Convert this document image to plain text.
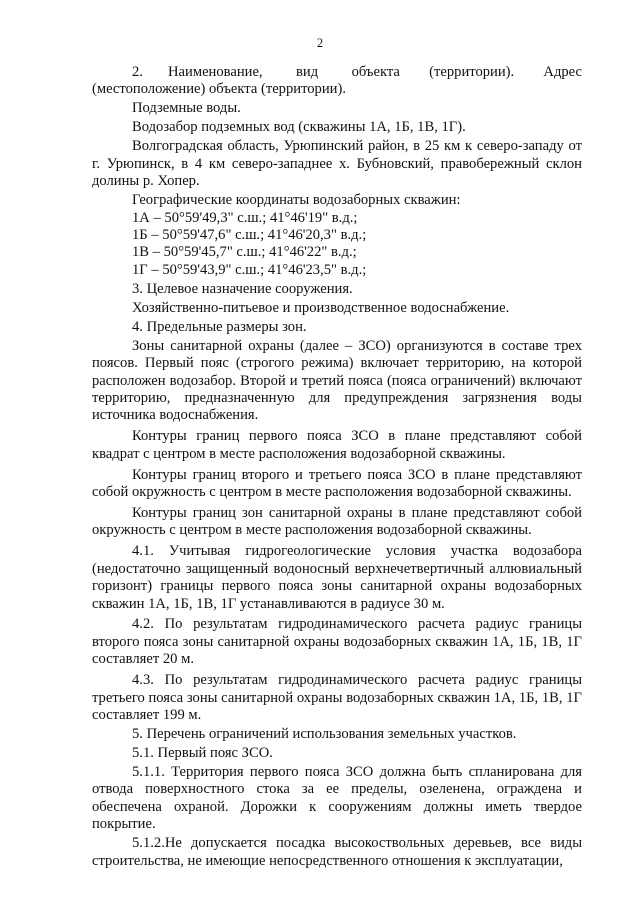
2

2.      Наименование,        вид        объекта       (территории).       Адрес (местоположение) объекта (территории).

Подземные воды.

Водозабор подземных вод (скважины 1А, 1Б, 1В, 1Г).

Волгоградская область, Урюпинский район, в 25 км к северо-западу от г. Урюпинск, в 4 км северо-западнее х. Бубновский, правобережный склон долины р. Хопер.

Географические координаты водозаборных скважин:

1А – 50°59'49,3" с.ш.; 41°46'19" в.д.;

1Б – 50°59'47,6" с.ш.; 41°46'20,3" в.д.;

1В – 50°59'45,7" с.ш.; 41°46'22" в.д.;

1Г – 50°59'43,9" с.ш.; 41°46'23,5" в.д.;

3. Целевое назначение сооружения.

Хозяйственно-питьевое и производственное водоснабжение.

4. Предельные размеры зон.

Зоны санитарной охраны (далее – ЗСО) организуются в составе трех поясов. Первый пояс (строгого режима) включает территорию, на которой расположен водозабор. Второй и третий пояса (пояса ограничений) включают территорию, предназначенную для предупреждения загрязнения воды источника водоснабжения.

Контуры границ первого пояса ЗСО в плане представляют собой квадрат с центром в месте расположения водозаборной скважины.

Контуры границ второго и третьего пояса ЗСО в плане представляют собой окружность с центром в месте расположения водозаборной скважины.

Контуры границ зон санитарной охраны в плане представляют собой окружность с центром в месте расположения водозаборной скважины.

4.1. Учитывая гидрогеологические условия участка водозабора (недостаточно защищенный водоносный верхнечетвертичный аллювиальный горизонт) границы первого пояса зоны санитарной охраны водозаборных скважин 1А, 1Б, 1В, 1Г устанавливаются в радиусе 30 м.

4.2. По результатам гидродинамического расчета радиус границы второго пояса зоны санитарной охраны водозаборных скважин 1А, 1Б, 1В, 1Г составляет 20 м.

4.3. По результатам гидродинамического расчета радиус границы третьего пояса зоны санитарной охраны водозаборных скважин 1А, 1Б, 1В, 1Г составляет 199 м.

5. Перечень ограничений использования земельных участков.

5.1. Первый пояс ЗСО.

5.1.1. Территория первого пояса ЗСО должна быть спланирована для отвода поверхностного стока за ее пределы, озеленена, ограждена и обеспечена охраной. Дорожки к сооружениям должны иметь твердое покрытие.

5.1.2.Не допускается посадка высокоствольных деревьев, все виды строительства, не имеющие непосредственного отношения к эксплуатации,
